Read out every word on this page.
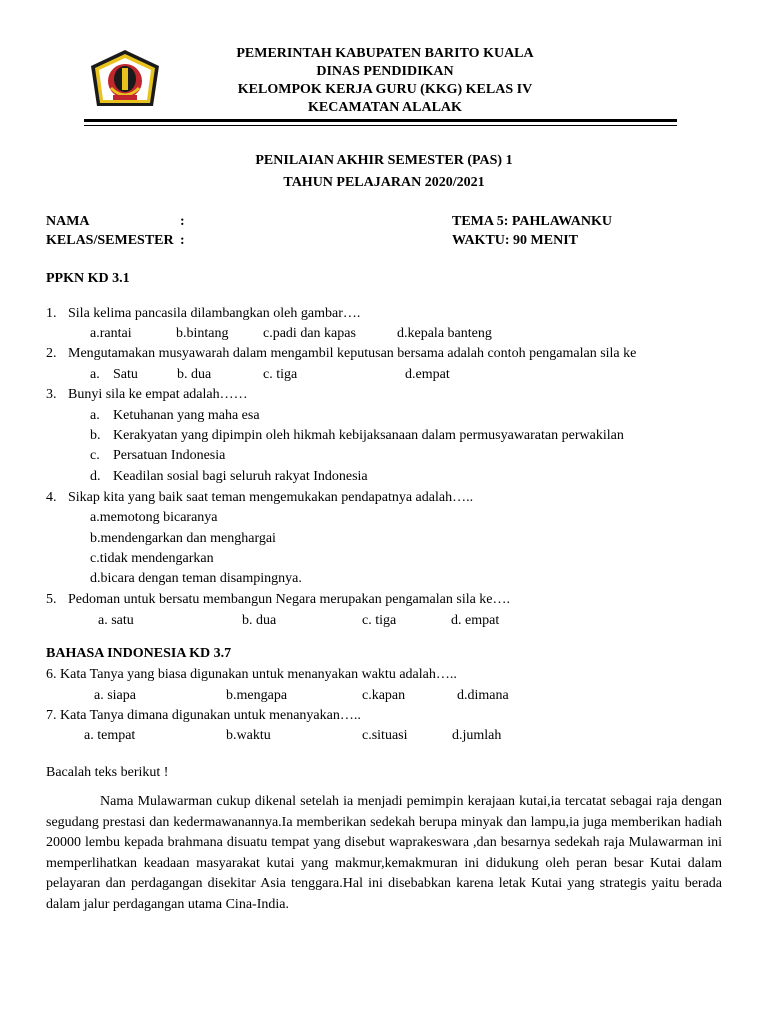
PEMERINTAH KABUPATEN BARITO KUALA
DINAS PENDIDIKAN
KELOMPOK KERJA GURU (KKG) KELAS IV
KECAMATAN ALALAK
PENILAIAN AKHIR SEMESTER (PAS) 1
TAHUN PELAJARAN 2020/2021
NAMA	:
KELAS/SEMESTER :
TEMA 5: PAHLAWANKU
WAKTU: 90 MENIT
PPKN KD 3.1
1. Sila kelima pancasila dilambangkan oleh gambar….
a.rantai	b.bintang c.padi dan kapas	d.kepala banteng
2. Mengutamakan musyawarah dalam mengambil keputusan bersama adalah contoh pengamalan sila ke
a. Satu	b. dua	c. tiga	d.empat
3. Bunyi sila ke empat adalah……
a. Ketuhanan yang maha esa
b. Kerakyatan yang dipimpin oleh hikmah kebijaksanaan dalam permusyawaratan perwakilan
c. Persatuan Indonesia
d. Keadilan sosial bagi seluruh rakyat Indonesia
4. Sikap kita yang baik saat teman mengemukakan pendapatnya adalah…..
a.memotong bicaranya
b.mendengarkan dan menghargai
c.tidak mendengarkan
d.bicara dengan teman disampingnya.
5. Pedoman untuk bersatu membangun Negara merupakan pengamalan sila ke….
a. satu	b. dua	c. tiga	d. empat
BAHASA INDONESIA KD 3.7
6. Kata Tanya yang biasa digunakan untuk menanyakan waktu adalah…..
a. siapa	b.mengapa	c.kapan	d.dimana
7. Kata Tanya dimana digunakan untuk menanyakan…..
a. tempat	b.waktu	c.situasi	d.jumlah
Bacalah teks berikut !
Nama Mulawarman cukup dikenal setelah ia menjadi pemimpin kerajaan kutai,ia tercatat sebagai raja dengan segudang prestasi dan kedermawanannya.Ia memberikan sedekah berupa minyak dan lampu,ia juga memberikan hadiah 20000 lembu kepada brahmana disuatu tempat yang disebut waprakeswara ,dan besarnya sedekah raja Mulawarman ini memperlihatkan keadaan masyarakat kutai yang makmur,kemakmuran ini didukung oleh peran besar Kutai dalam pelayaran dan perdagangan disekitar Asia tenggara.Hal ini disebabkan karena letak Kutai yang strategis yaitu berada dalam jalur perdagangan utama Cina-India.
